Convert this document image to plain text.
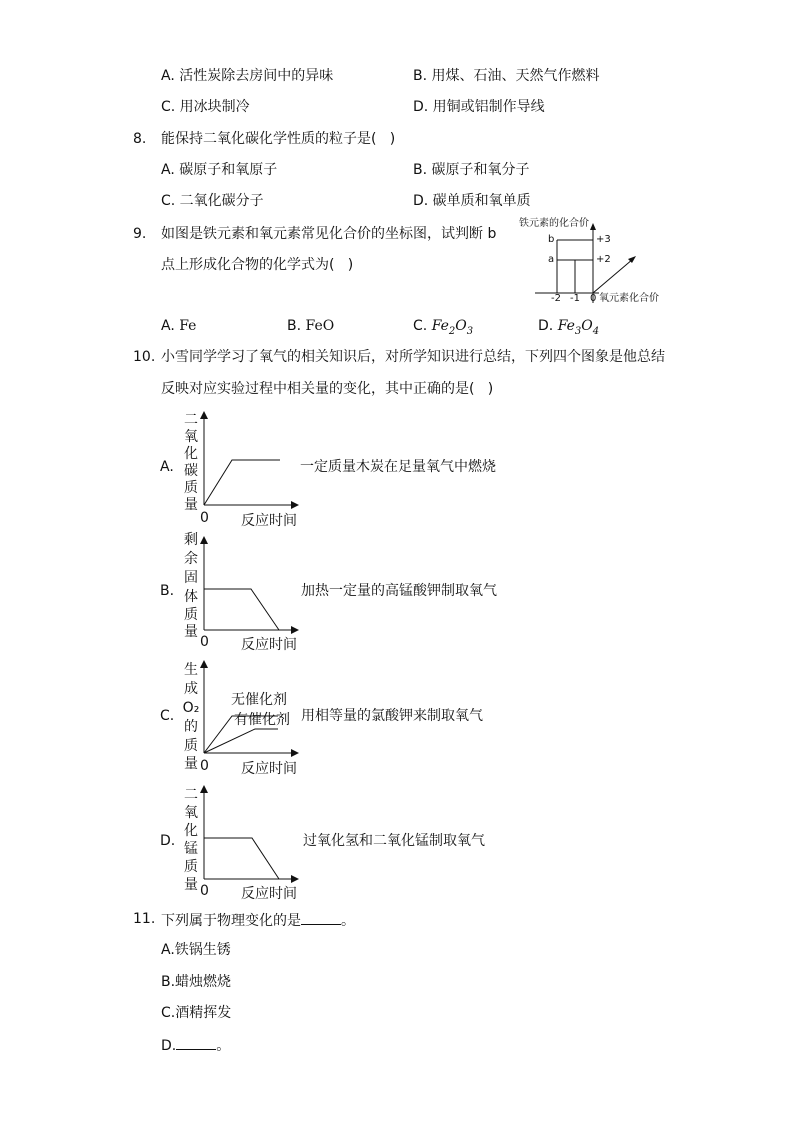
A. 活性炭除去房间中的异味	B. 用煤、石油、天然气作燃料
C. 用冰块制冷	D. 用铜或铝制作导线
8. 能保持二氧化碳化学性质的粒子是(   )
A. 碳原子和氧原子	B. 碳原子和氧分子
C. 二氧化碳分子	D. 碳单质和氧单质
9. 如图是铁元素和氧元素常见化合价的坐标图，试判断 b
点上形成化合物的化学式为(   )
铁元素的化合价
b
a
+3
+2
-2 -1 0 氧元素化合价
A. Fe	B. FeO	C. $Fe_2O_3$	D. $Fe_3O_4$
10. 小雪同学学习了氧气的相关知识后，对所学知识进行总结，下列四个图象是他总结
反映对应实验过程中相关量的变化，其中正确的是(   )
A.
二
氧
化
碳
质
量
0 反应时间
一定质量木炭在足量氧气中燃烧
B.
剩
余
固
体
质
量
0 反应时间
加热一定量的高锰酸钾制取氧气
C.
生
成
O₂
的
质
量
无催化剂
有催化剂
0 反应时间
用相等量的氯酸钾来制取氧气
D.
二
氧
化
锰
质
量 0 反应时间
过氧化氢和二氧化锰制取氧气
11. 下列属于物理变化的是	。
A.铁锅生锈
B.蜡烛燃烧
C.酒精挥发
D.	。
